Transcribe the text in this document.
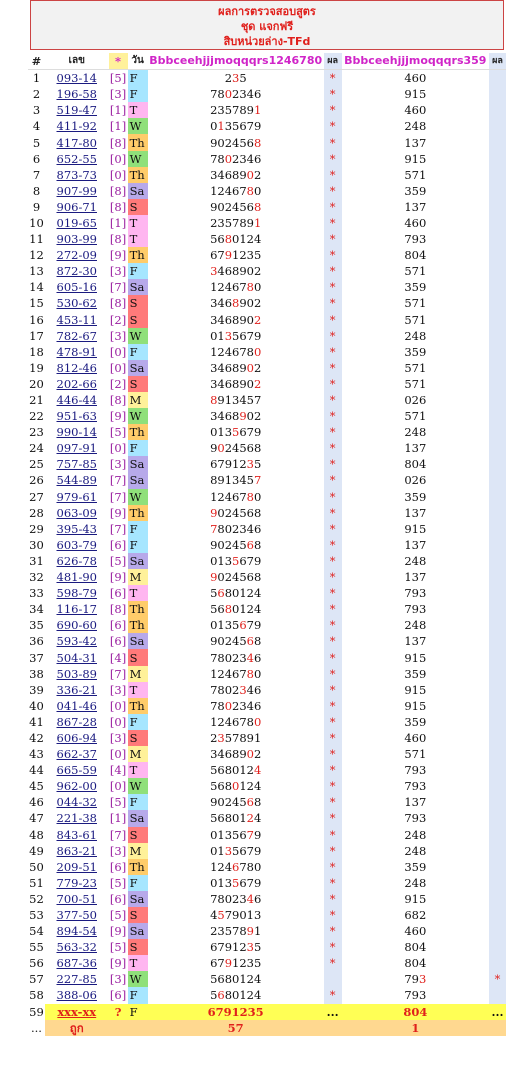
ผลการตรวจสอบสูตร
ชุด แจกฟรี
สิบหน่วยล่าง-TFd
#	เลข	*	วัน	Bbbceehjjjmoqqqrs1246780	ผล	Bbbceehjjjmoqqqrs359	ผล
1	093-14	[5]	F	235	*	460	
2	196-58	[3]	F	7802346	*	915	
3	519-47	[1]	T	2357891	*	460	
4	411-92	[1]	W	0135679	*	248	
5	417-80	[8]	Th	9024568	*	137	
6	652-55	[0]	W	7802346	*	915	
7	873-73	[0]	Th	3468902	*	571	
8	907-99	[8]	Sa	1246780	*	359	
9	906-71	[8]	S	9024568	*	137	
10	019-65	[1]	T	2357891	*	460	
11	903-99	[8]	T	5680124	*	793	
12	272-09	[9]	Th	6791235	*	804	
13	872-30	[3]	F	3468902	*	571	
14	605-16	[7]	Sa	1246780	*	359	
15	530-62	[8]	S	3468902	*	571	
16	453-11	[2]	S	3468902	*	571	
17	782-67	[3]	W	0135679	*	248	
18	478-91	[0]	F	1246780	*	359	
19	812-46	[0]	Sa	3468902	*	571	
20	202-66	[2]	S	3468902	*	571	
21	446-44	[8]	M	8913457	*	026	
22	951-63	[9]	W	3468902	*	571	
23	990-14	[5]	Th	0135679	*	248	
24	097-91	[0]	F	9024568	*	137	
25	757-85	[3]	Sa	6791235	*	804	
26	544-89	[7]	Sa	8913457	*	026	
27	979-61	[7]	W	1246780	*	359	
28	063-09	[9]	Th	9024568	*	137	
29	395-43	[7]	F	7802346	*	915	
30	603-79	[6]	F	9024568	*	137	
31	626-78	[5]	Sa	0135679	*	248	
32	481-90	[9]	M	9024568	*	137	
33	598-79	[6]	T	5680124	*	793	
34	116-17	[8]	Th	5680124	*	793	
35	690-60	[6]	Th	0135679	*	248	
36	593-42	[6]	Sa	9024568	*	137	
37	504-31	[4]	S	7802346	*	915	
38	503-89	[7]	M	1246780	*	359	
39	336-21	[3]	T	7802346	*	915	
40	041-46	[0]	Th	7802346	*	915	
41	867-28	[0]	F	1246780	*	359	
42	606-94	[3]	S	2357891	*	460	
43	662-37	[0]	M	3468902	*	571	
44	665-59	[4]	T	5680124	*	793	
45	962-00	[0]	W	5680124	*	793	
46	044-32	[5]	F	9024568	*	137	
47	221-38	[1]	Sa	5680124	*	793	
48	843-61	[7]	S	0135679	*	248	
49	863-21	[3]	M	0135679	*	248	
50	209-51	[6]	Th	1246780	*	359	
51	779-23	[5]	F	0135679	*	248	
52	700-51	[6]	Sa	7802346	*	915	
53	377-50	[5]	S	4579013	*	682	
54	894-54	[9]	Sa	2357891	*	460	
55	563-32	[5]	S	6791235	*	804	
56	687-36	[9]	T	6791235	*	804	
57	227-85	[3]	W	5680124		793	*
58	388-06	[6]	F	5680124	*	793	
59	xxx-xx	?	F	6791235	...	804	...
...	ถูก			57		1	
